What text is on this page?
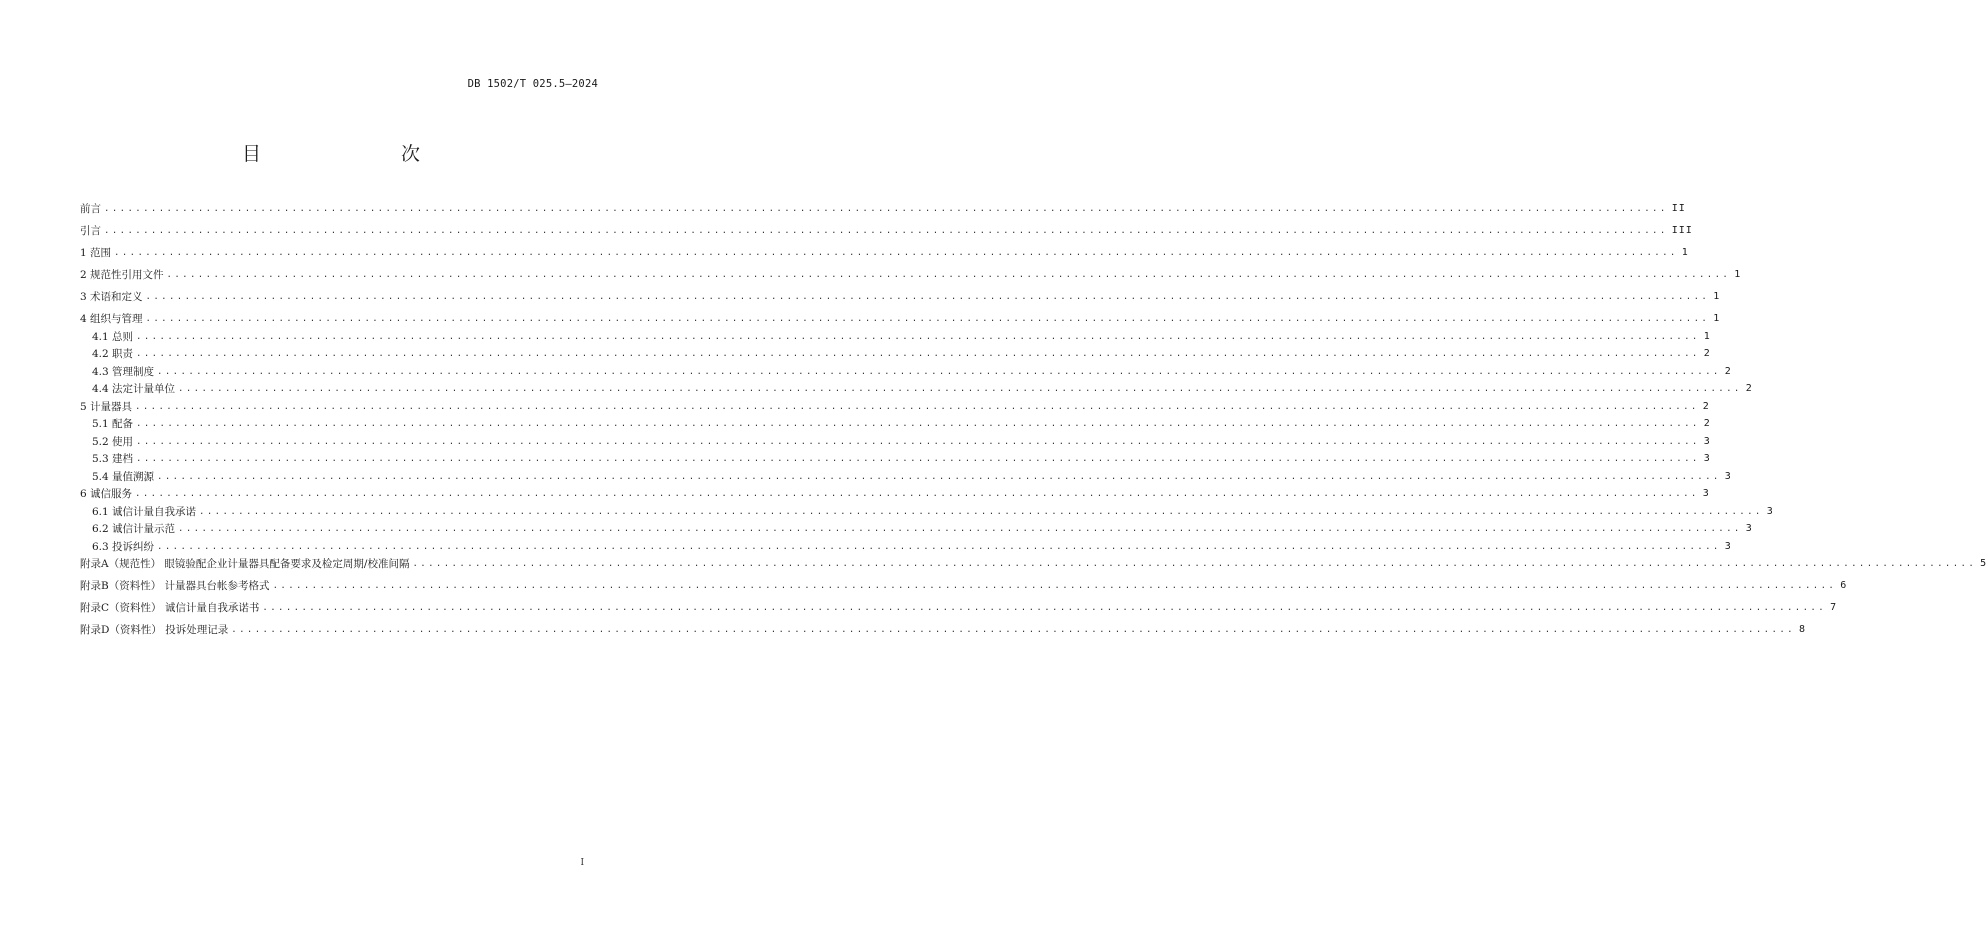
DB 1502/T 025.5—2024
目　　次
前言 ........................................................................................................................................................................................................ II
引言 ........................................................................................................................................................................................................ III
1 范围 ........................................................................................................................................................................................................ 1
2 规范性引用文件 ........................................................................................................................................................................................................ 1
3 术语和定义 ........................................................................................................................................................................................................ 1
4 组织与管理 ........................................................................................................................................................................................................ 1
4.1 总则 ........................................................................................................................................................................................................ 1
4.2 职责 ........................................................................................................................................................................................................ 2
4.3 管理制度 ........................................................................................................................................................................................................ 2
4.4 法定计量单位 ........................................................................................................................................................................................................ 2
5 计量器具 ........................................................................................................................................................................................................ 2
5.1 配备 ........................................................................................................................................................................................................ 2
5.2 使用 ........................................................................................................................................................................................................ 3
5.3 建档 ........................................................................................................................................................................................................ 3
5.4 量值溯源 ........................................................................................................................................................................................................ 3
6 诚信服务 ........................................................................................................................................................................................................ 3
6.1 诚信计量自我承诺 ........................................................................................................................................................................................................ 3
6.2 诚信计量示范 ........................................................................................................................................................................................................ 3
6.3 投诉纠纷 ........................................................................................................................................................................................................ 3
附录A（规范性） 眼镜验配企业计量器具配备要求及检定周期/校准间隔 ........................................................................................................................................................................................................ 5
附录B（资料性） 计量器具台帐参考格式 ........................................................................................................................................................................................................ 6
附录C（资料性） 诚信计量自我承诺书 ........................................................................................................................................................................................................ 7
附录D（资料性） 投诉处理记录 ........................................................................................................................................................................................................ 8
I
